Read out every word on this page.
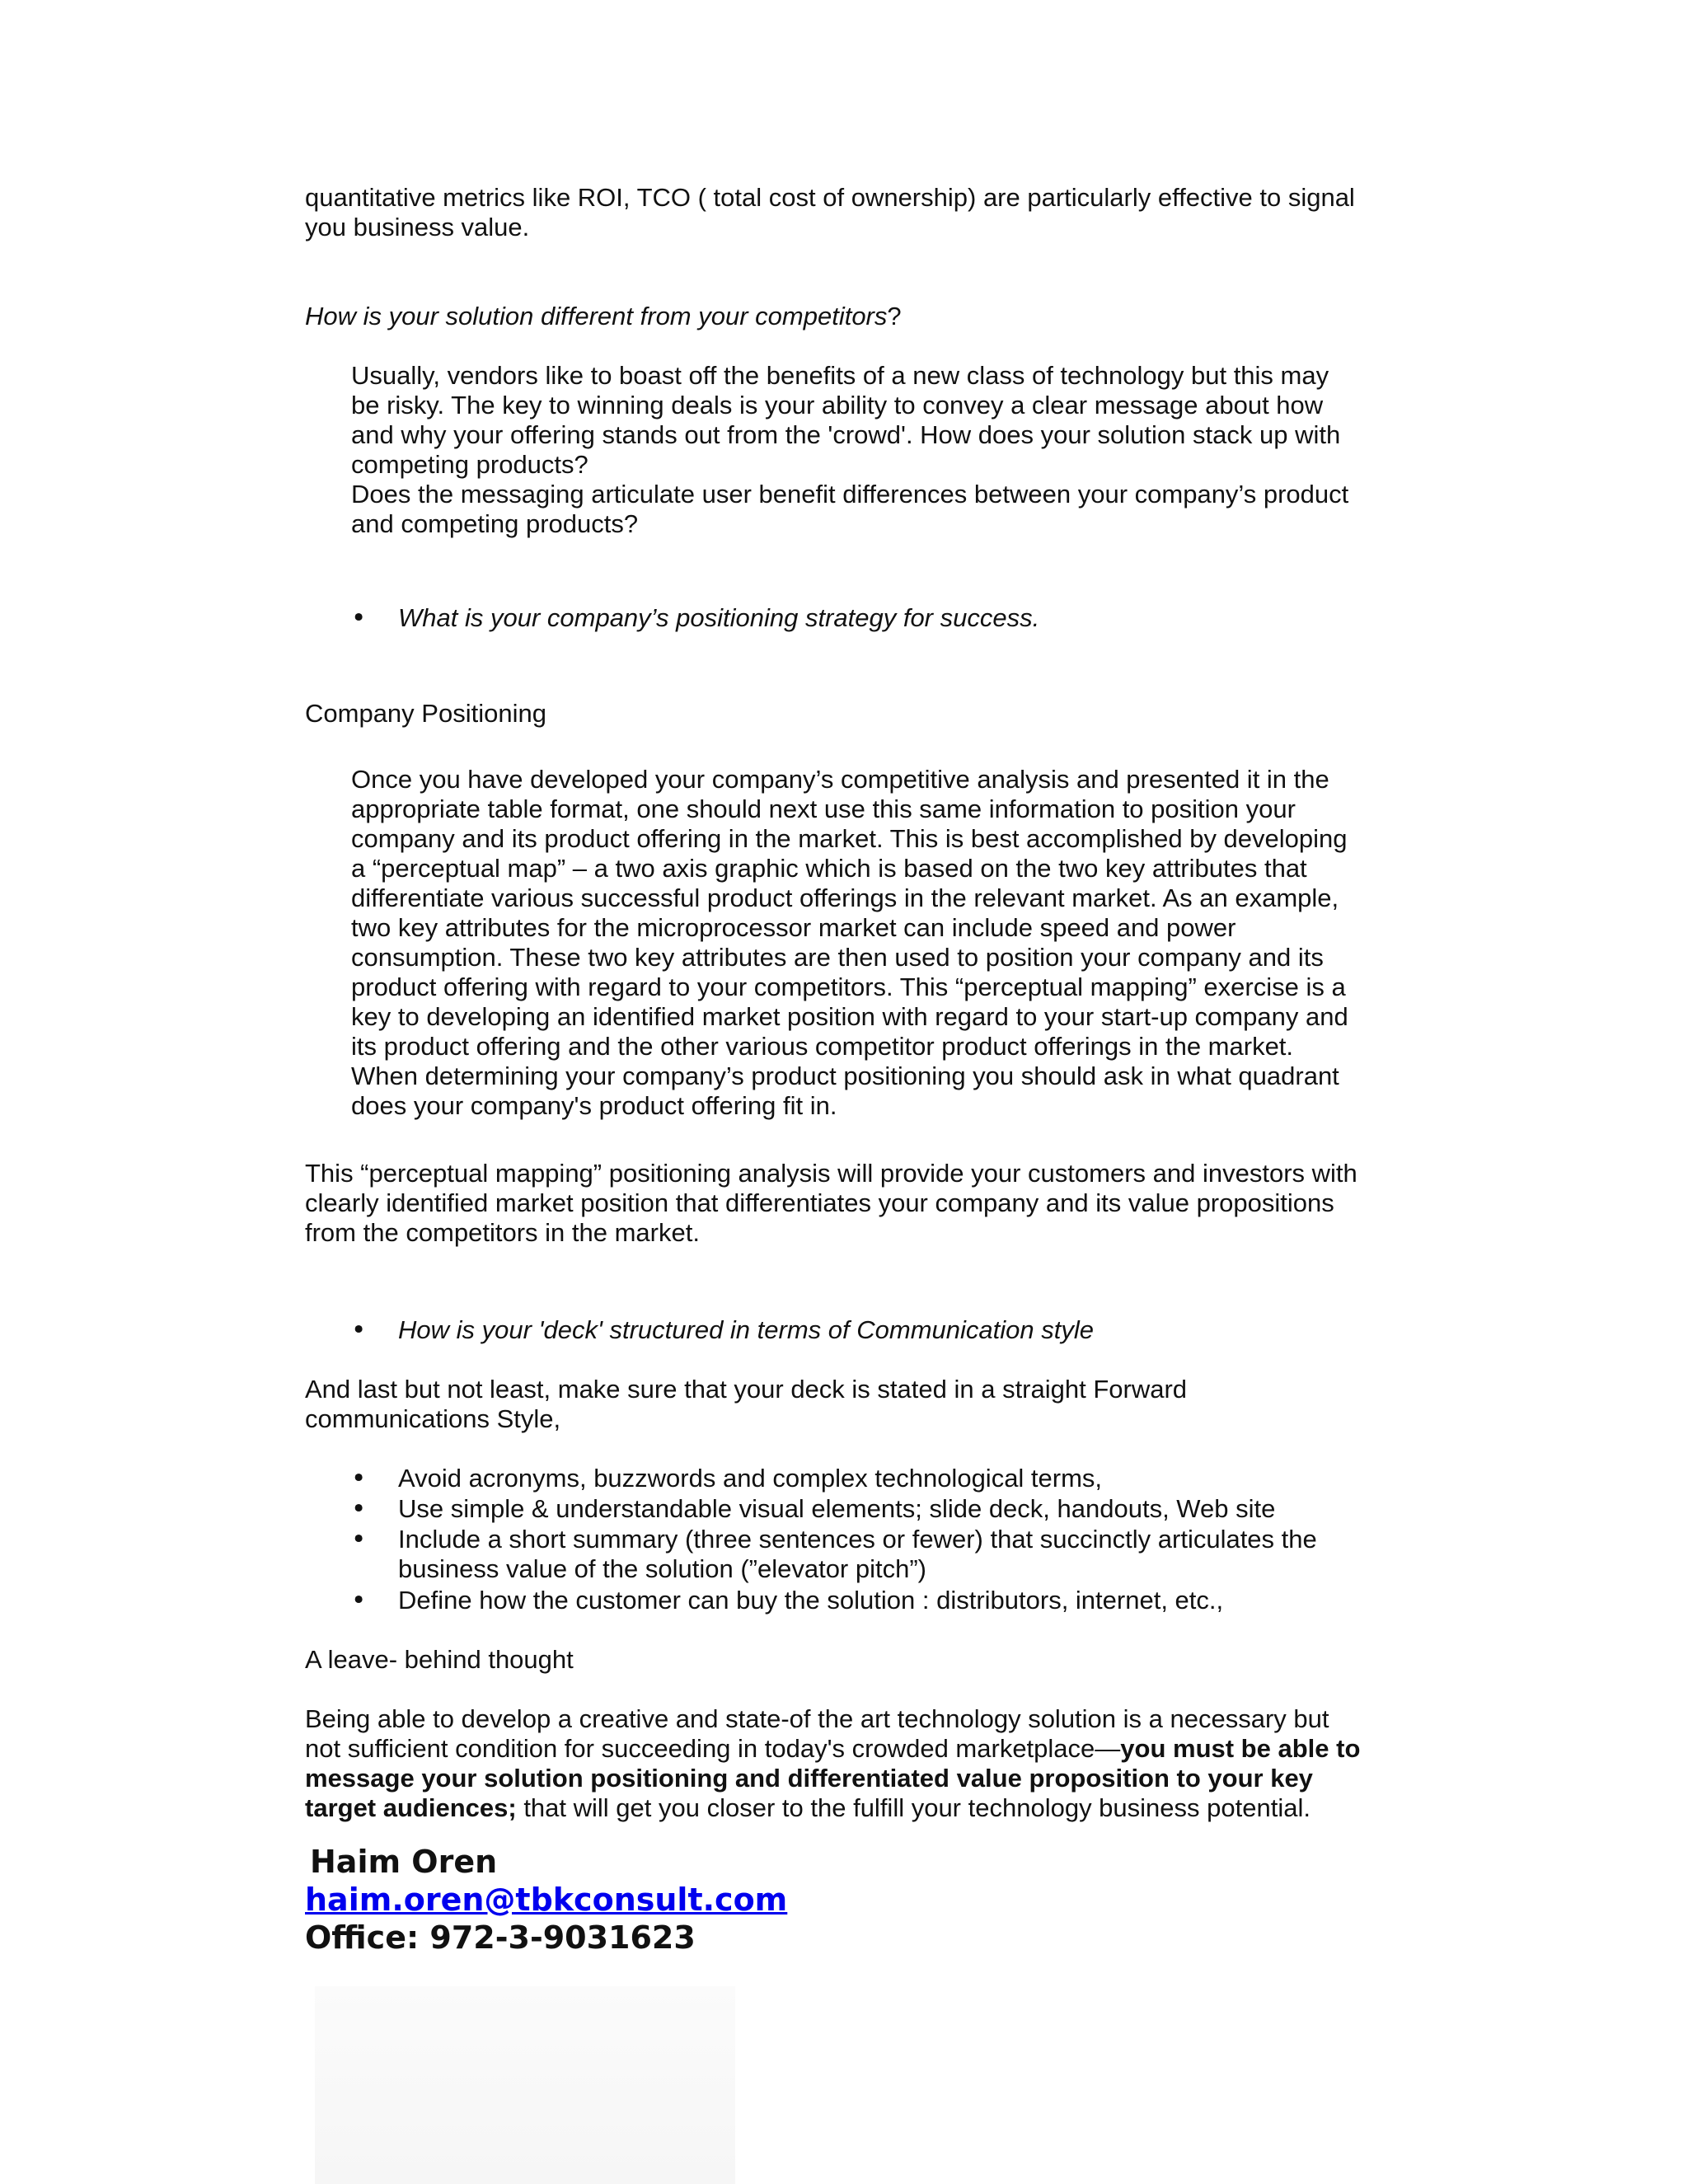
quantitative metrics like ROI, TCO ( total cost of ownership) are particularly effective to signal

you business value.

How is your solution different from your competitors?

Usually, vendors like to boast off the benefits of a new class of technology but this may

be risky. The key to winning deals is your ability to convey a clear message about how

and why your offering stands out from the 'crowd'. How does your solution stack up with

competing products?

Does the messaging articulate user benefit differences between your company’s product

and competing products?

•	What is your company’s positioning strategy for success.

Company Positioning

Once you have developed your company’s competitive analysis and presented it in the

appropriate table format, one should next use this same information to position your

company and its product offering in the market. This is best accomplished by developing

a “perceptual map” – a two axis graphic which is based on the two key attributes that

differentiate various successful product offerings in the relevant market. As an example,

two key attributes for the microprocessor market can include speed and power

consumption. These two key attributes are then used to position your company and its

product offering with regard to your competitors. This “perceptual mapping” exercise is a

key to developing an identified market position with regard to your start-up company and

its product offering and the other various competitor product offerings in the market.

When determining your company’s product positioning you should ask in what quadrant

does your company's product offering fit in.

This “perceptual mapping” positioning analysis will provide your customers and investors with

clearly identified market position that differentiates your company and its value propositions

from the competitors in the market.

•	How is your 'deck' structured in terms of Communication style

And last but not least, make sure that your deck is stated in a straight Forward

communications Style,

•	Avoid acronyms, buzzwords and complex technological terms,
•	Use simple & understandable visual elements; slide deck, handouts, Web site
•	Include a short summary (three sentences or fewer) that succinctly articulates the

business value of the solution (”elevator pitch”)

•	Define how the customer can buy the solution : distributors, internet, etc.,

A leave- behind thought

Being able to develop a creative and state-of the art technology solution is a necessary but

not sufficient condition for succeeding in today's crowded marketplace—you must be able to

message your solution positioning and differentiated value proposition to your key

target audiences; that will get you closer to the fulfill your technology business potential.

Haim Oren
haim.oren@tbkconsult.com
Office: 972-3-9031623
